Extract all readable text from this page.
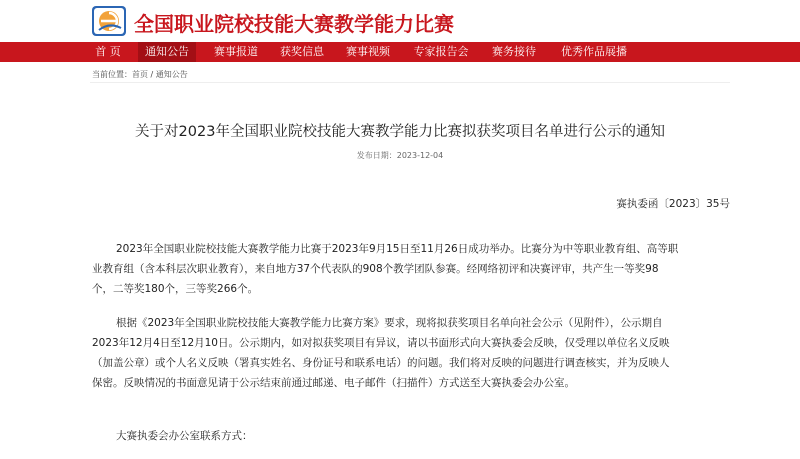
全国职业院校技能大赛教学能力比赛
首 页	通知公告	赛事报道	获奖信息	赛事视频	专家报告会	赛务接待	优秀作品展播
当前位置：首页 / 通知公告
关于对2023年全国职业院校技能大赛教学能力比赛拟获奖项目名单进行公示的通知
发布日期：2023-12-04
赛执委函〔2023〕35号
2023年全国职业院校技能大赛教学能力比赛于2023年9月15日至11月26日成功举办。比赛分为中等职业教育组、高等职
业教育组（含本科层次职业教育），来自地方37个代表队的908个教学团队参赛。经网络初评和决赛评审，共产生一等奖98
个，二等奖180个，三等奖266个。
根据《2023年全国职业院校技能大赛教学能力比赛方案》要求，现将拟获奖项目名单向社会公示（见附件），公示期自
2023年12月4日至12月10日。公示期内，如对拟获奖项目有异议，请以书面形式向大赛执委会反映，仅受理以单位名义反映
（加盖公章）或个人名义反映（署真实姓名、身份证号和联系电话）的问题。我们将对反映的问题进行调查核实，并为反映人
保密。反映情况的书面意见请于公示结束前通过邮递、电子邮件（扫描件）方式送至大赛执委会办公室。
大赛执委会办公室联系方式：
